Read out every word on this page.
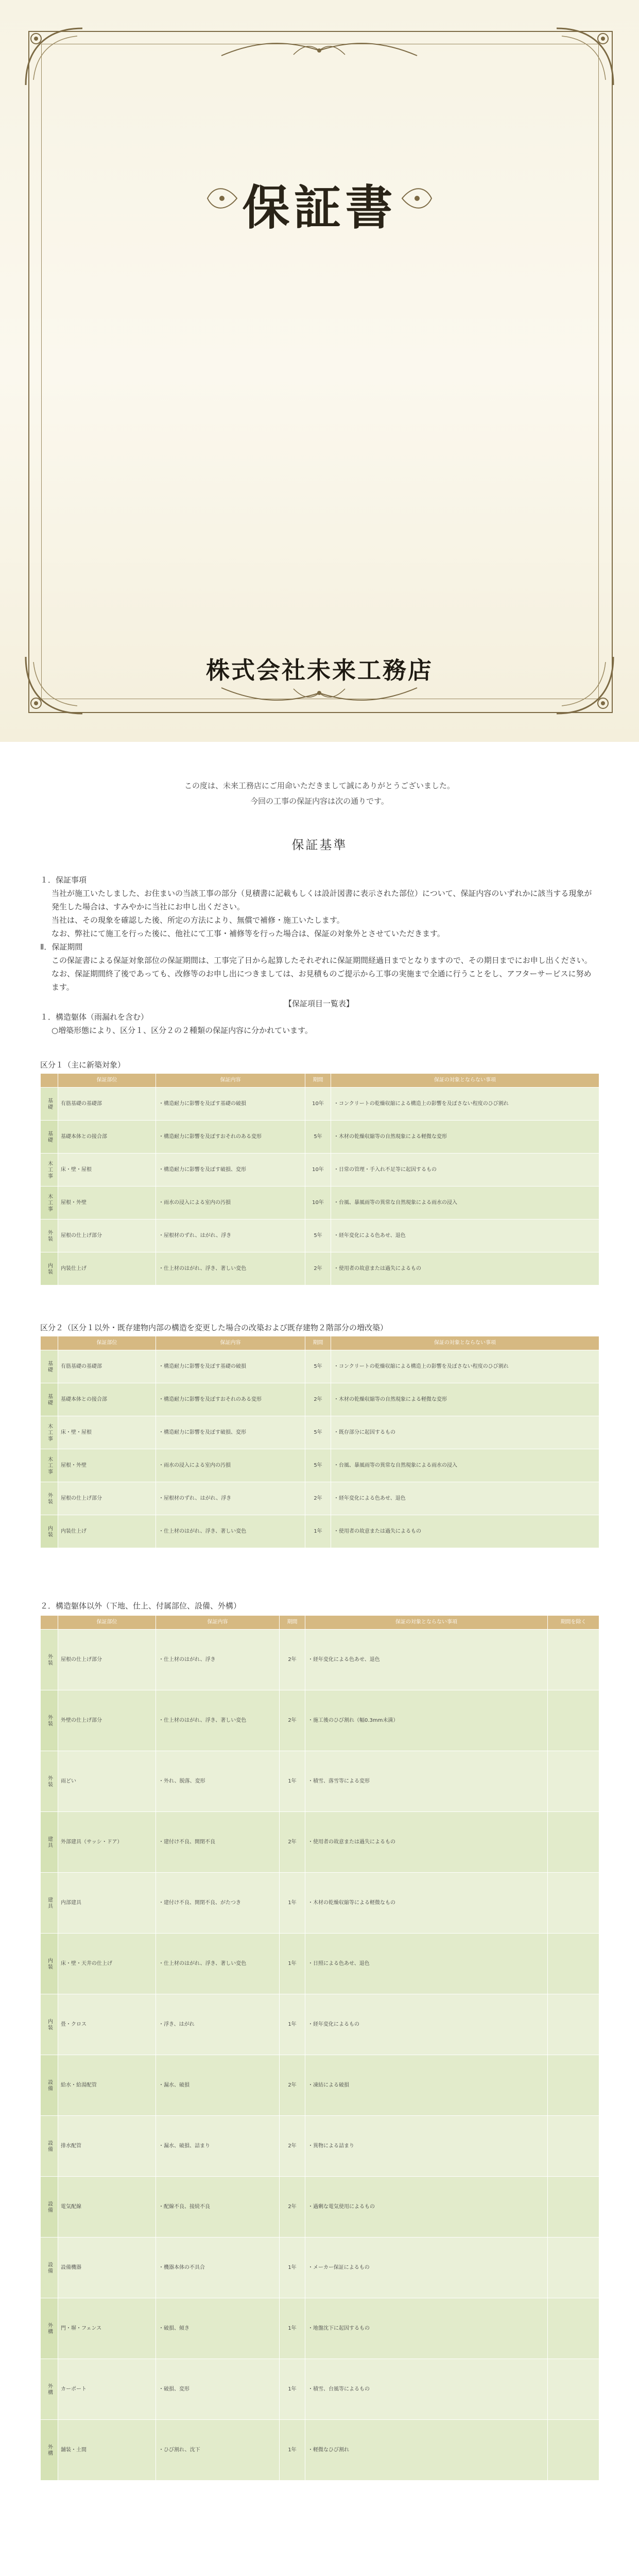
保証書
株式会社未来工務店
この度は、未来工務店にご用命いただきまして誠にありがとうございました。
今回の工事の保証内容は次の通りです。
保証基準
１．保証事項
当社が施工いたしました、お住まいの当該工事の部分（見積書に記載もしくは設計図書に表示された部位）について、保証内容のいずれかに該当する現象が発生した場合は、すみやかに当社にお申し出ください。
当社は、その現象を確認した後、所定の方法により、無償で補修・施工いたします。
なお、弊社にて施工を行った後に、他社にて工事・補修等を行った場合は、保証の対象外とさせていただきます。
Ⅱ．保証期間
この保証書による保証対象部位の保証期間は、工事完了日から起算したそれぞれに保証期間経過日までとなりますので、その期日までにお申し出ください。
なお、保証期間終了後であっても、改修等のお申し出につきましては、お見積ものご提示から工事の実施まで全通に行うことをし、アフターサービスに努めます。
【保証項目一覧表】
１．構造躯体（雨漏れを含む）
○増築形態により、区分１、区分２の２種類の保証内容に分かれています。
区分１（主に新築対象）
	保証部位	保証内容	期間	保証の対象とならない事項
基礎	有筋基礎の基礎部	・構造耐力に影響を及ぼす基礎の破損	10年	・コンクリートの乾燥収縮による構造上の影響を及ぼさない程度のひび割れ
基礎	基礎本体との接合部	・構造耐力に影響を及ぼすおそれのある変形	5年	・木材の乾燥収縮等の自然現象による軽微な変形
木工事	床・壁・屋根	・構造耐力に影響を及ぼす破損、変形	10年	・日常の管理・手入れ不足等に起因するもの
木工事	屋根・外壁	・雨水の浸入による室内の汚損	10年	・台風、暴風雨等の異常な自然現象による雨水の浸入
外装	屋根の仕上げ部分	・屋根材のずれ、はがれ、浮き	5年	・経年変化による色あせ、退色
内装	内装仕上げ	・仕上材のはがれ、浮き、著しい変色	2年	・使用者の故意または過失によるもの
区分２（区分１以外・既存建物内部の構造を変更した場合の改築および既存建物２階部分の増改築）
	保証部位	保証内容	期間	保証の対象とならない事項
基礎	有筋基礎の基礎部	・構造耐力に影響を及ぼす基礎の破損	5年	・コンクリートの乾燥収縮による構造上の影響を及ぼさない程度のひび割れ
基礎	基礎本体との接合部	・構造耐力に影響を及ぼすおそれのある変形	2年	・木材の乾燥収縮等の自然現象による軽微な変形
木工事	床・壁・屋根	・構造耐力に影響を及ぼす破損、変形	5年	・既存部分に起因するもの
木工事	屋根・外壁	・雨水の浸入による室内の汚損	5年	・台風、暴風雨等の異常な自然現象による雨水の浸入
外装	屋根の仕上げ部分	・屋根材のずれ、はがれ、浮き	2年	・経年変化による色あせ、退色
内装	内装仕上げ	・仕上材のはがれ、浮き、著しい変色	1年	・使用者の故意または過失によるもの
２．構造躯体以外（下地、仕上、付属部位、設備、外構）
	保証部位	保証内容	期間	保証の対象とならない事項	期間を除く
外装	屋根の仕上げ部分	・仕上材のはがれ、浮き	2年	・経年変化による色あせ、退色	
外装	外壁の仕上げ部分	・仕上材のはがれ、浮き、著しい変色	2年	・施工後のひび割れ（幅0.3mm未満）	
外装	雨どい	・外れ、脱落、変形	1年	・積雪、落雪等による変形	
建具	外部建具（サッシ・ドア）	・建付け不良、開閉不良	2年	・使用者の故意または過失によるもの	
建具	内部建具	・建付け不良、開閉不良、がたつき	1年	・木材の乾燥収縮等による軽微なもの	
内装	床・壁・天井の仕上げ	・仕上材のはがれ、浮き、著しい変色	1年	・日照による色あせ、退色	
内装	畳・クロス	・浮き、はがれ	1年	・経年変化によるもの	
設備	給水・給湯配管	・漏水、破損	2年	・凍結による破損	
設備	排水配管	・漏水、破損、詰まり	2年	・異物による詰まり	
設備	電気配線	・配線不良、接続不良	2年	・過剰な電気使用によるもの	
設備	設備機器	・機器本体の不具合	1年	・メーカー保証によるもの	
外構	門・塀・フェンス	・破損、傾き	1年	・地盤沈下に起因するもの	
外構	カーポート	・破損、変形	1年	・積雪、台風等によるもの	
外構	舗装・土間	・ひび割れ、沈下	1年	・軽微なひび割れ	
